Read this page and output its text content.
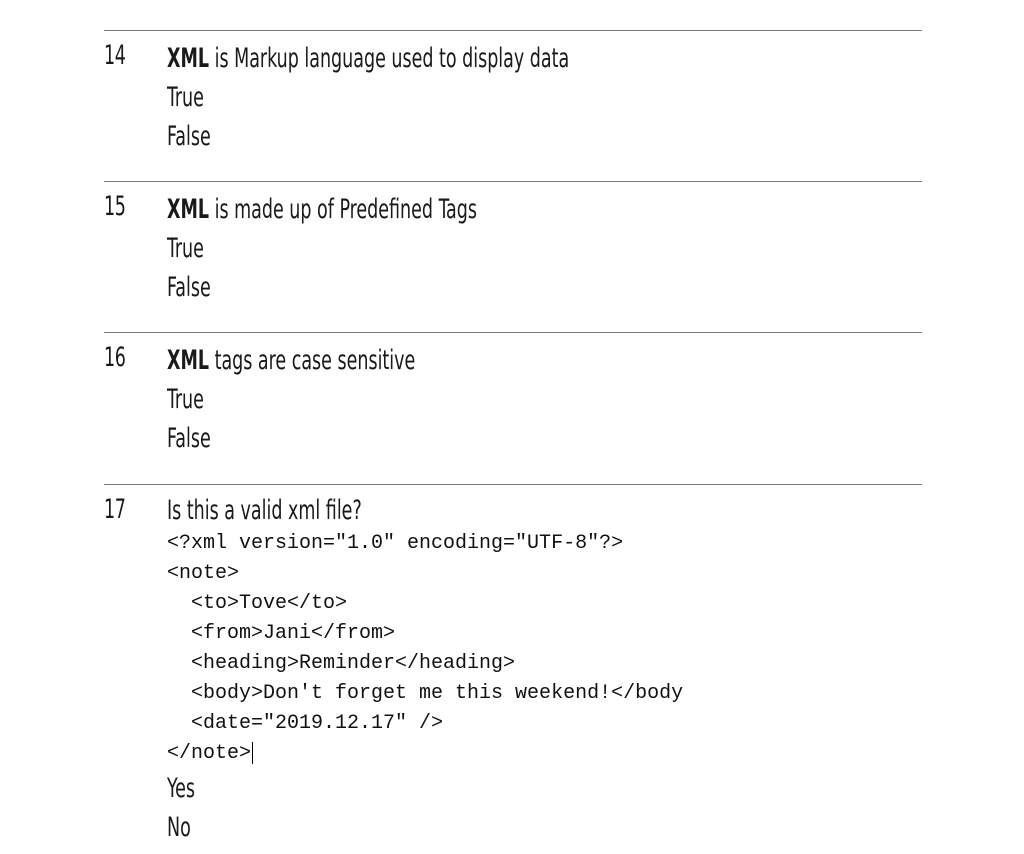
14 XML is Markup language used to display data
True
False
15 XML is made up of Predefined Tags
True
False
16 XML tags are case sensitive
True
False
17 Is this a valid xml file?
<?xml version="1.0" encoding="UTF-8"?>
<note>
<to>Tove</to>
<from>Jani</from>
<heading>Reminder</heading>
<body>Don't forget me this weekend!</body
<date="2019.12.17" />
</note>
Yes
No
